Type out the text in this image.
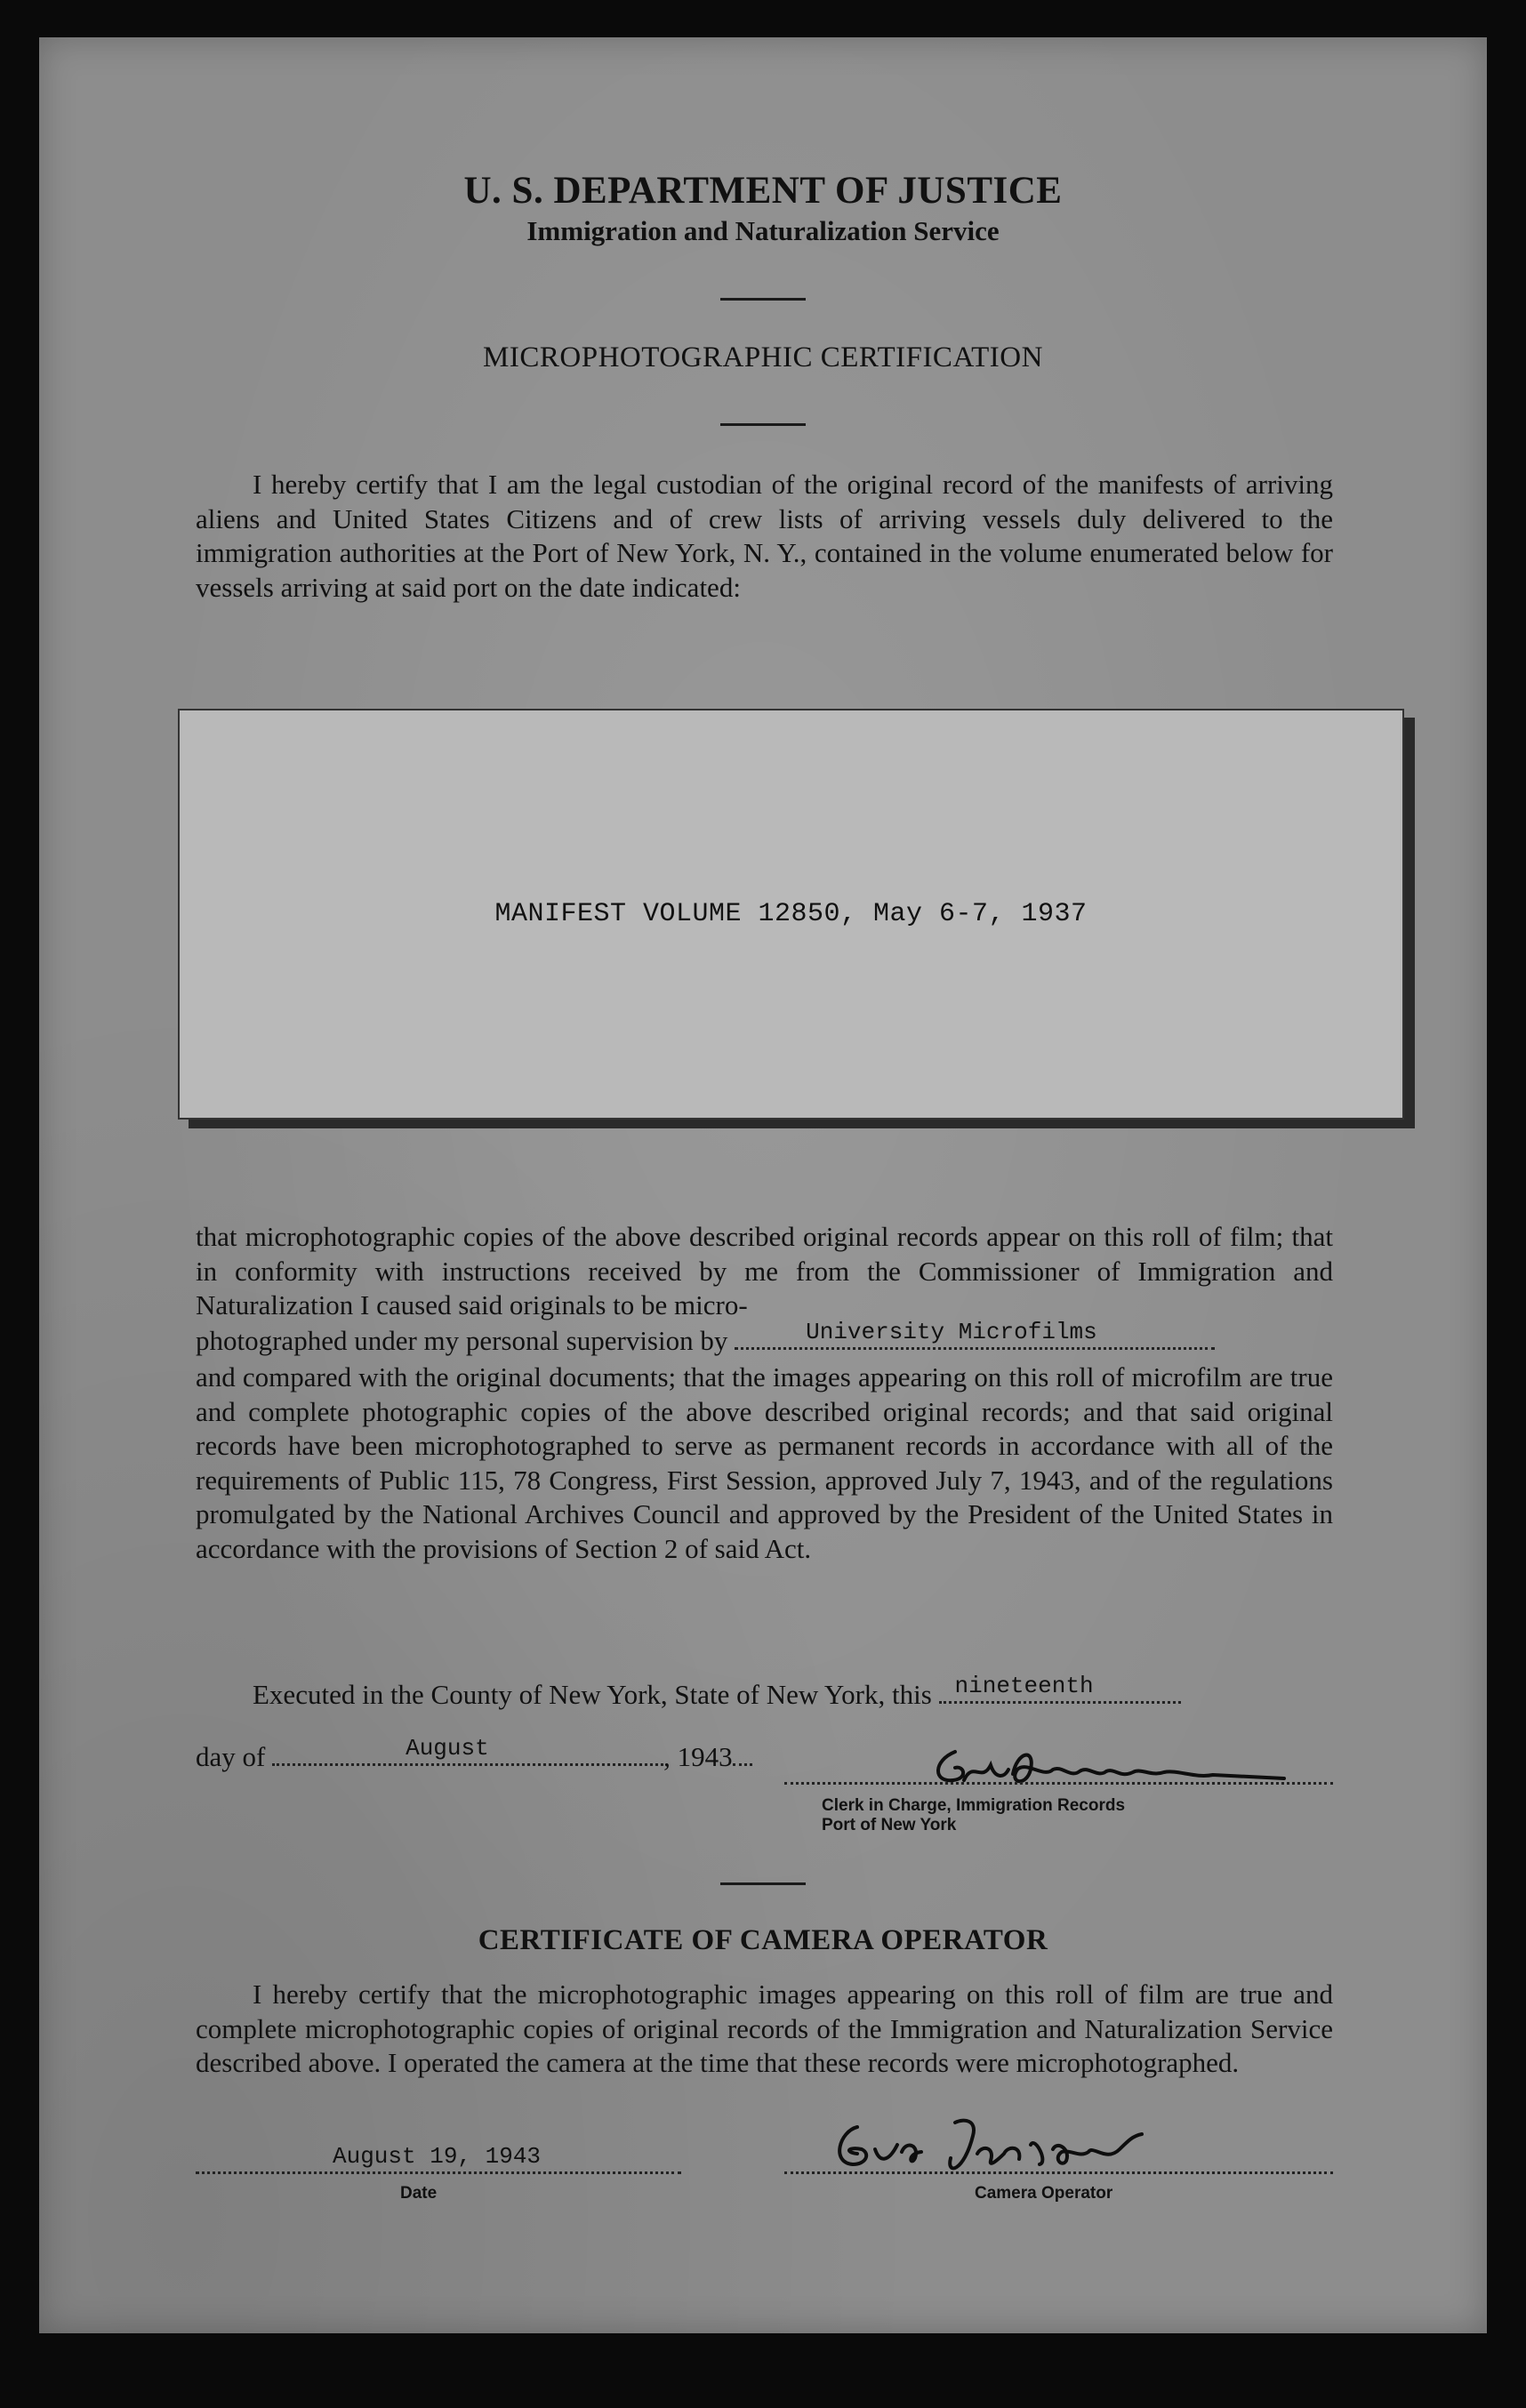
U. S. DEPARTMENT OF JUSTICE
Immigration and Naturalization Service
MICROPHOTOGRAPHIC CERTIFICATION
I hereby certify that I am the legal custodian of the original record of the manifests of arriving aliens and United States Citizens and of crew lists of arriving vessels duly delivered to the immigration authorities at the Port of New York, N. Y., contained in the volume enumerated below for vessels arriving at said port on the date indicated:
MANIFEST VOLUME 12850, May 6-7, 1937
that microphotographic copies of the above described original records appear on this roll of film; that in conformity with instructions received by me from the Commissioner of Immigration and Naturalization I caused said originals to be micro-
photographed under my personal supervision by	University Microfilms
and compared with the original documents; that the images appearing on this roll of microfilm are true and complete photographic copies of the above described original records; and that said original records have been microphotographed to serve as permanent records in accordance with all of the requirements of Public 115, 78 Congress, First Session, approved July 7, 1943, and of the regulations promulgated by the National Archives Council and approved by the President of the United States in accordance with the provisions of Section 2 of said Act.
Executed in the County of New York, State of New York, this nineteenth
day of	August	, 1943
Clerk in Charge, Immigration Records
Port of New York
CERTIFICATE OF CAMERA OPERATOR
I hereby certify that the microphotographic images appearing on this roll of film are true and complete microphotographic copies of original records of the Immigration and Naturalization Service described above. I operated the camera at the time that these records were microphotographed.
August 19, 1943
Date	Camera Operator
